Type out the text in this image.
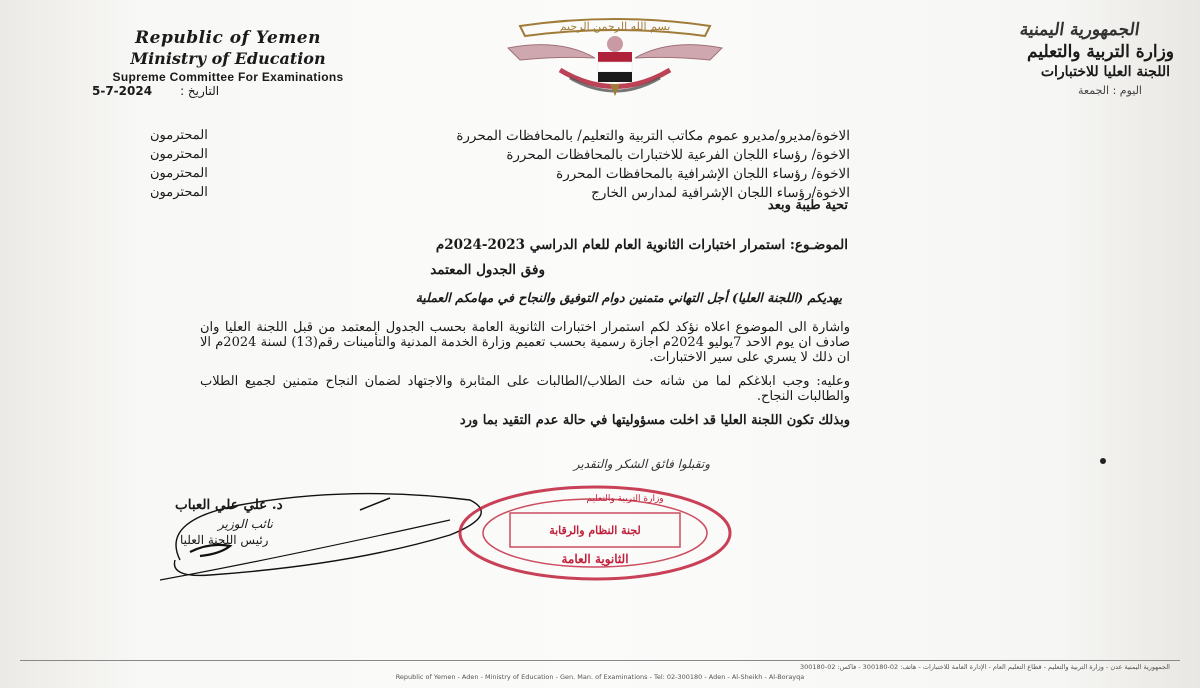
Republic of Yemen
Ministry of Education
Supreme Committee For Examinations
التاريخ :
5-7-2024
بسم الله الرحمن الرحيم	الجمهورية اليمنية
وزارة التربية والتعليم
اللجنة العليا للاختبارات
اليوم : الجمعة
الاخوة/مديرو/مديرو عموم مكاتب التربية والتعليم/ بالمحافظات المحررة
المحترمون
الاخوة/ رؤساء اللجان الفرعية للاختبارات بالمحافظات المحررة
المحترمون
الاخوة/ رؤساء اللجان الإشرافية بالمحافظات المحررة
المحترمون
الاخوة/رؤساء اللجان الإشرافية لمدارس الخارج
المحترمون
تحية طيبة وبعد
الموضـوع: استمرار اختبارات الثانوية العام للعام الدراسي 2023-2024م
وفق الجدول المعتمد
يهديكم (اللجنة العليا) أجل التهاني متمنين دوام التوفيق والنجاح في مهامكم العملية
واشارة الى الموضوع اعلاه نؤكد لكم استمرار اختبارات الثانوية العامة بحسب الجدول المعتمد من قبل اللجنة العليا وان صادف ان يوم الاحد 7يوليو 2024م اجازة رسمية بحسب تعميم وزارة الخدمة المدنية والتأمينات رقم(13) لسنة 2024م الا ان ذلك لا يسري على سير الاختبارات.
وعليه: وجب ابلاغكم لما من شانه حث الطلاب/الطالبات على المثابرة والاجتهاد لضمان النجاح متمنين لجميع الطلاب والطالبات النجاح.
وبذلك تكون اللجنة العليا قد اخلت مسؤوليتها في حالة عدم التقيد بما ورد
وتقبلوا فائق الشكر والتقدير
د. علي علي العباب
نائب الوزير
رئيس اللجنة العليا
وزارة التربية والتعليم
لجنة النظام والرقابة
الثانوية العامة
الجمهورية اليمنية عدن - وزارة التربية والتعليم - قطاع التعليم العام - الإدارة العامة للاختبارات - هاتف: 02-300180 - فاكس: 02-300180
Republic of Yemen - Aden - Ministry of Education - Gen. Man. of Examinations - Tel: 02-300180 - Aden - Al-Sheikh - Al-Borayqa
